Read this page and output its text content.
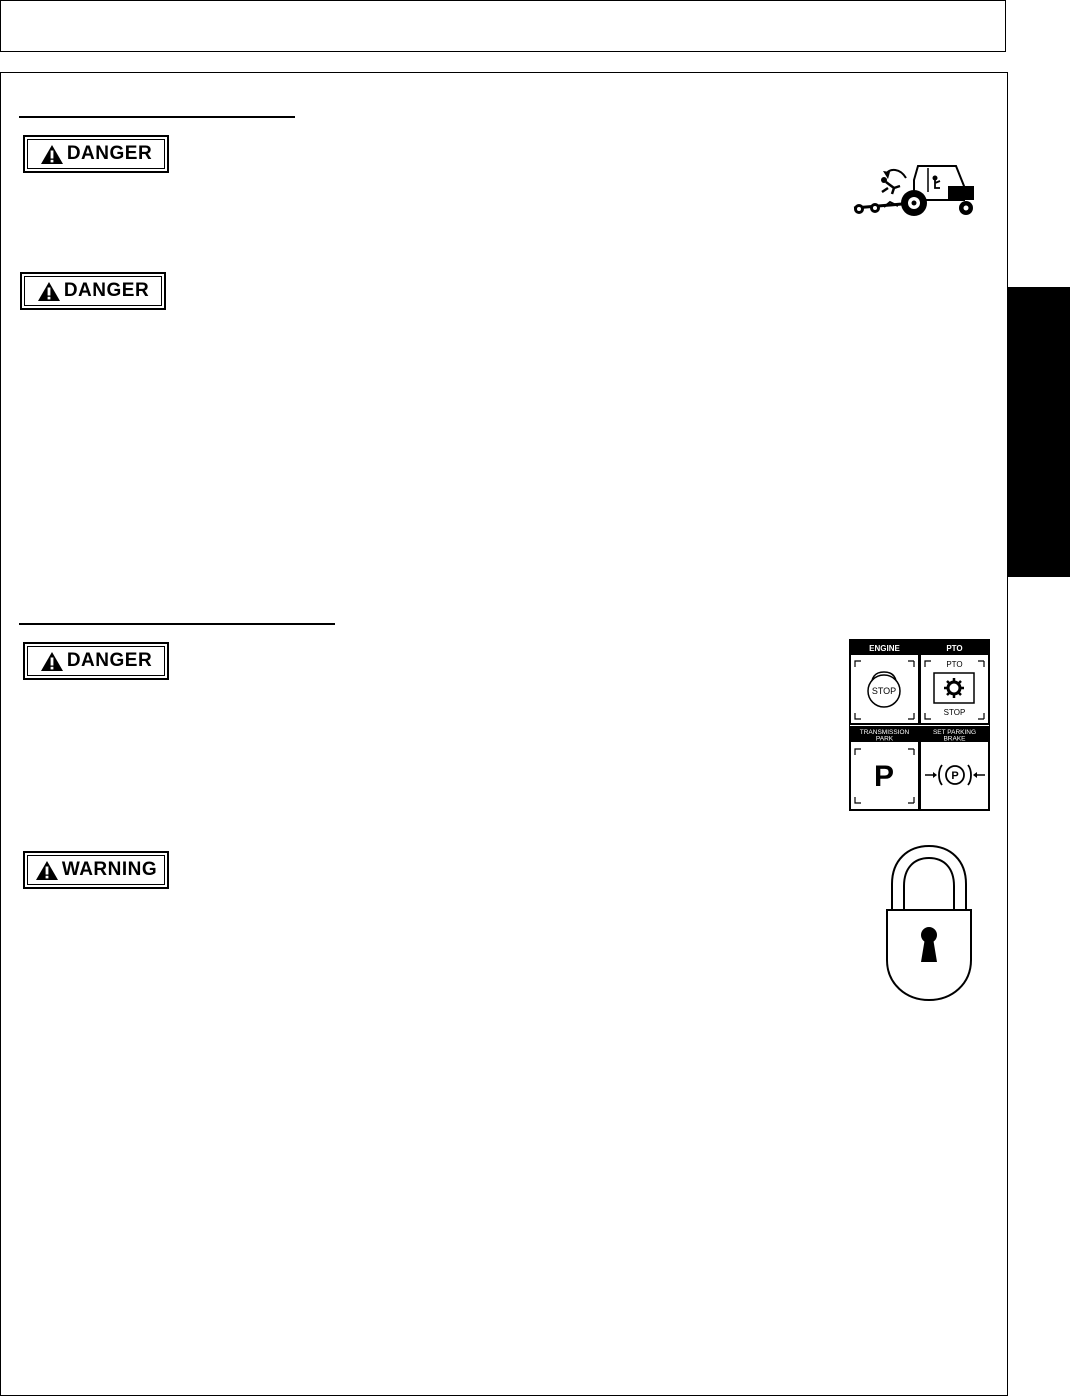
DANGER
DANGER
DANGER
WARNING
ENGINE	PTO
STOP
PTO
STOP
TRANSMISSION
PARK
SET PARKING
BRAKE
P	P
